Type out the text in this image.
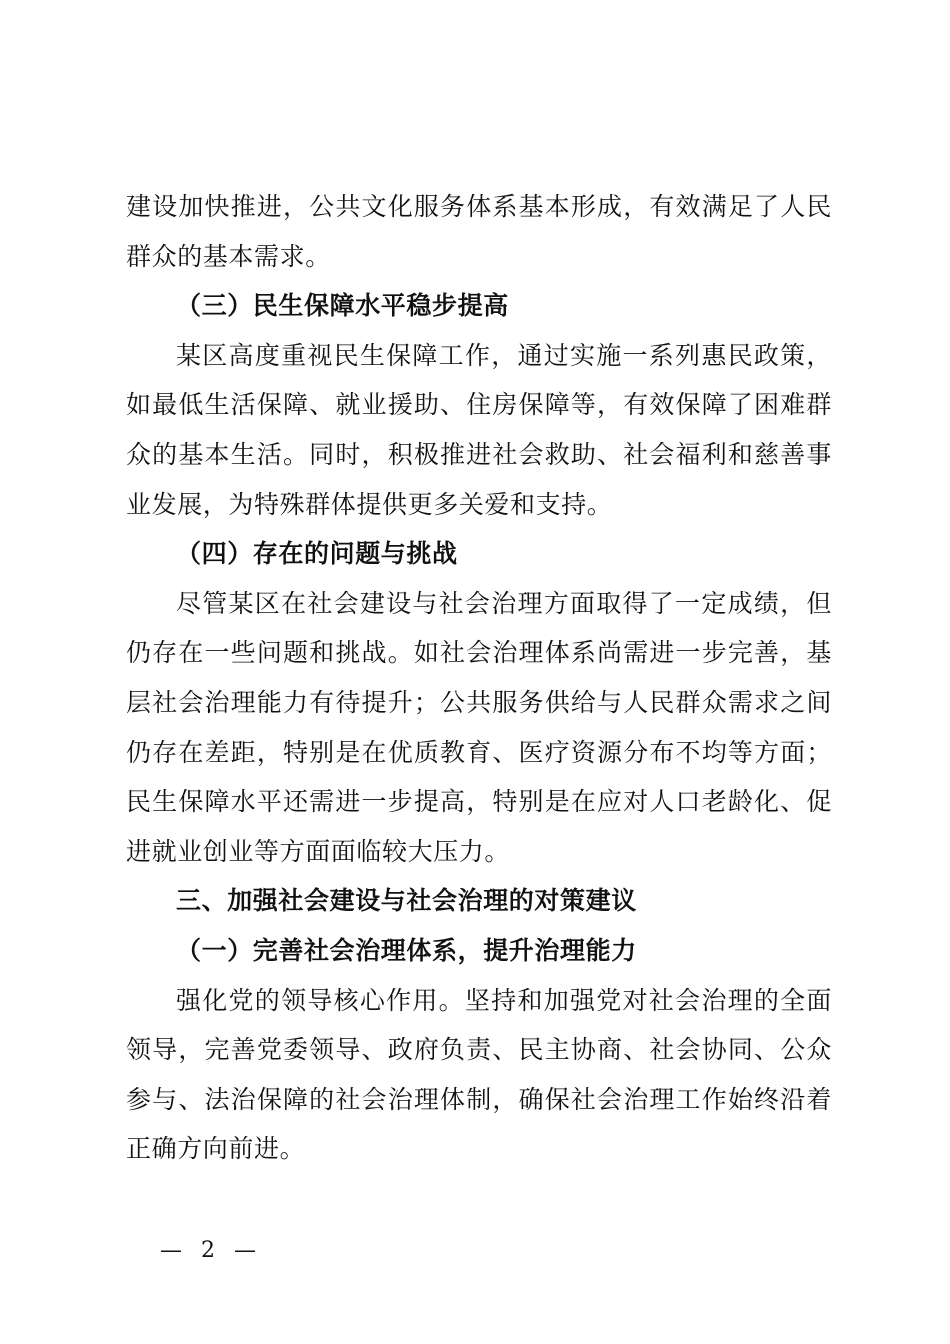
建设加快推进，公共文化服务体系基本形成，有效满足了人民群众的基本需求。

（三）民生保障水平稳步提高

某区高度重视民生保障工作，通过实施一系列惠民政策，如最低生活保障、就业援助、住房保障等，有效保障了困难群众的基本生活。同时，积极推进社会救助、社会福利和慈善事业发展，为特殊群体提供更多关爱和支持。

（四）存在的问题与挑战

尽管某区在社会建设与社会治理方面取得了一定成绩，但仍存在一些问题和挑战。如社会治理体系尚需进一步完善，基层社会治理能力有待提升；公共服务供给与人民群众需求之间仍存在差距，特别是在优质教育、医疗资源分布不均等方面；民生保障水平还需进一步提高，特别是在应对人口老龄化、促进就业创业等方面面临较大压力。

三、加强社会建设与社会治理的对策建议

（一）完善社会治理体系，提升治理能力

强化党的领导核心作用。坚持和加强党对社会治理的全面领导，完善党委领导、政府负责、民主协商、社会协同、公众参与、法治保障的社会治理体制，确保社会治理工作始终沿着正确方向前进。

— 2 —
